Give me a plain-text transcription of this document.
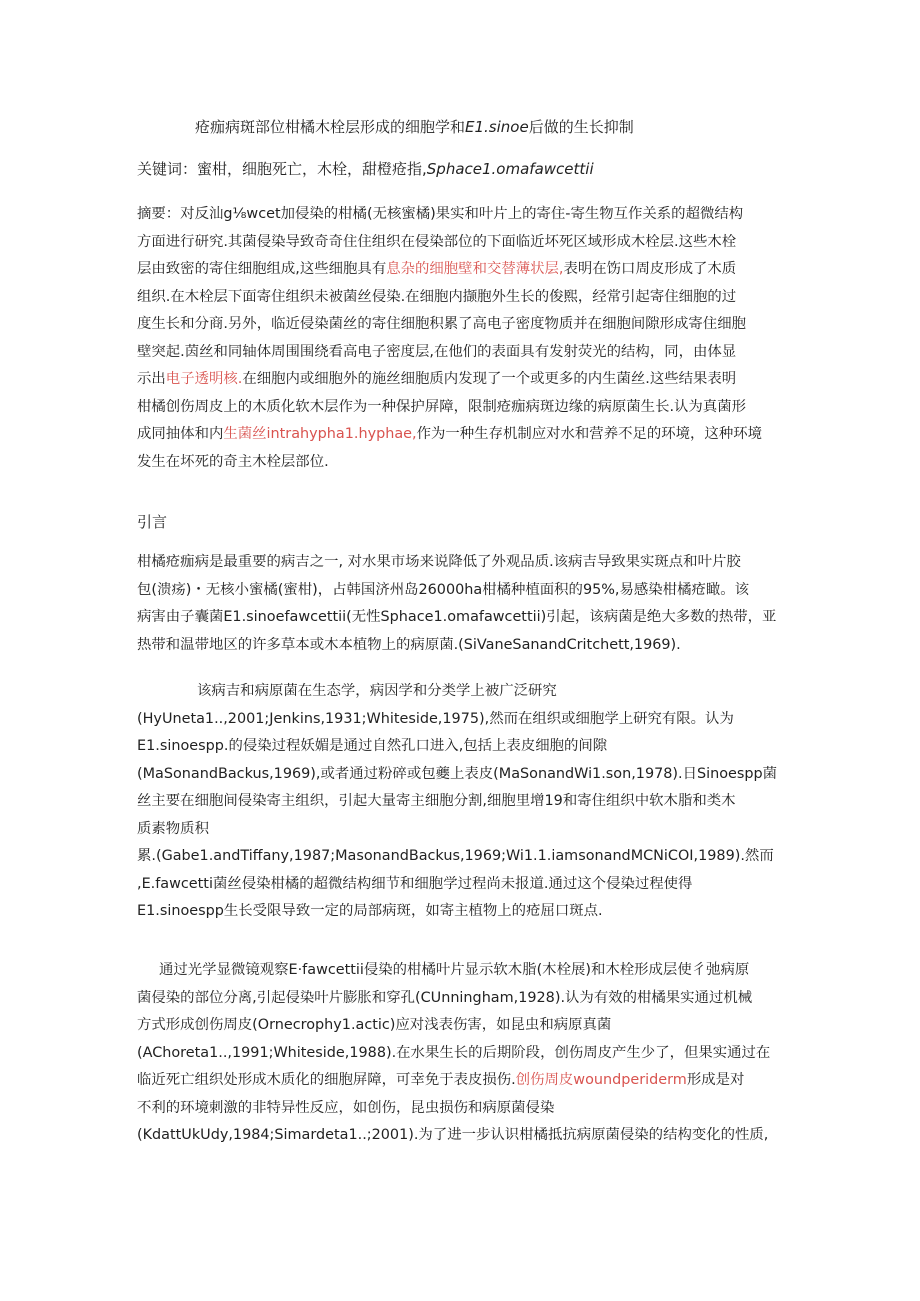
疮痂病斑部位柑橘木栓层形成的细胞学和E1.sinoe后做的生长抑制
关键词：蜜柑，细胞死亡，木栓，甜橙疮指,Sphace1.omafawcettii
摘要：对反汕g⅛wcet加侵染的柑橘(无核蜜橘)果实和叶片上的寄住-寄生物互作关系的超微结构
方面进行研究.其菌侵染导致奇奇住住组织在侵染部位的下面临近坏死区域形成木栓层.这些木栓
层由致密的寄住细胞组成,这些细胞具有息杂的细胞壁和交替薄状层,表明在饬口周皮形成了木质
组织.在木栓层下面寄住组织未被菌丝侵染.在细胞内撷胞外生长的俊熙，经常引起寄住细胞的过
度生长和分商.另外，临近侵染菌丝的寄住细胞积累了高电子密度物质并在细胞间隙形成寄住细胞
壁突起.茵丝和同轴体周围围绕看高电子密度层,在他们的表面具有发射荧光的结构，同，由体显
示出电子透明核.在细胞内或细胞外的施丝细胞质内发现了一个或更多的内生菌丝.这些结果表明
柑橘创伤周皮上的木质化软木层作为一种保护屏障，限制疮痂病斑边缘的病原菌生长.认为真菌形
成同抽体和内生菌丝intrahypha1.hyphae,作为一种生存机制应对水和营养不足的环境，这种环境
发生在坏死的奇主木栓层部位.
引言
柑橘疮痂病是最重要的病吉之一, 对水果市场来说降低了外观品质.该病吉导致果实斑点和叶片胶
包(溃疡)・无核小蜜橘(蜜柑)，占韩国济州岛26000ha柑橘种植面积的95%,易感染柑橘疮瞰。该
病害由子囊菌E1.sinoefawcettii(无性Sphace1.omafawcettii)引起，该病菌是绝大多数的热带，亚
热带和温带地区的许多草本或木本植物上的病原菌.(SiVaneSanandCritchett,1969).
该病吉和病原菌在生态学，病因学和分类学上被广泛研究
(HyUneta1..,2001;Jenkins,1931;Whiteside,1975),然而在组织或细胞学上研究有限。认为
E1.sinoespp.的侵染过程妖媚是通过自然孔口进入,包括上表皮细胞的间隙
(MaSonandBackus,1969),或者通过粉碎或包夔上表皮(MaSonandWi1.son,1978).日Sinoespp菌
丝主要在细胞间侵染寄主组织，引起大量寄主细胞分割,细胞里增19和寄住组织中软木脂和类木
质素物质积
累.(Gabe1.andTiffany,1987;MasonandBackus,1969;Wi1.1.iamsonandMCNiCOI,1989).然而
,E.fawcetti菌丝侵染柑橘的超微结构细节和细胞学过程尚未报道.通过这个侵染过程使得
E1.sinoespp生长受限导致一定的局部病斑，如寄主植物上的疮屈口斑点.
通过光学显微镜观察E·fawcettii侵染的柑橘叶片显示软木脂(木栓展)和木栓形成层使彳弛病原
菌侵染的部位分离,引起侵染叶片膨胀和穿孔(CUnningham,1928).认为有效的柑橘果实通过机械
方式形成创伤周皮(Ornecrophy1.actic)应对浅表伤害，如昆虫和病原真菌
(AChoreta1..,1991;Whiteside,1988).在水果生长的后期阶段，创伤周皮产生少了，但果实通过在
临近死亡组织处形成木质化的细胞屏障，可幸免于表皮损伤.创伤周皮woundperiderm形成是对
不利的环境刺激的非特异性反应，如创伤，昆虫损伤和病原菌侵染
(KdattUkUdy,1984;Simardeta1..;2001).为了进一步认识柑橘抵抗病原菌侵染的结构变化的性质,
